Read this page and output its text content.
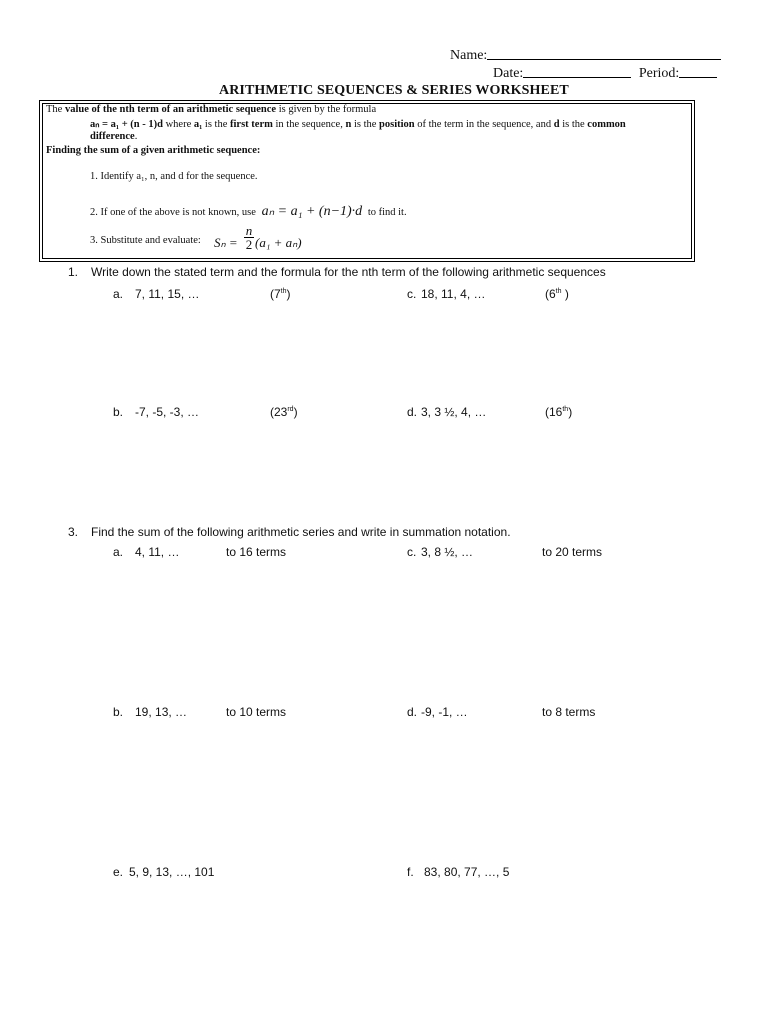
Name:
Date:	Period:
ARITHMETIC SEQUENCES & SERIES WORKSHEET
The value of the nth term of an arithmetic sequence is given by the formula
aₙ = a₁ + (n - 1)d where a₁ is the first term in the sequence, n is the position of the term in the sequence, and d is the common
difference.
Finding the sum of a given arithmetic sequence:
1. Identify a₁, n, and d for the sequence.
2. If one of the above is not known, use aₙ = a₁ + (n−1)·d to find it.
3. Substitute and evaluate: Sₙ =
n
2 (a₁ + aₙ)
1. Write down the stated term and the formula for the nth term of the following arithmetic sequences
a. 7, 11, 15, …	(7th)	c. 18, 11, 4, …	(6th )
b. -7, -5, -3, …	(23rd)	d. 3, 3 ½, 4, …	(16th)
3. Find the sum of the following arithmetic series and write in summation notation.
a. 4, 11, …	to 16 terms	c. 3, 8 ½, …	to 20 terms
b. 19, 13, …	to 10 terms	d. -9, -1, …	to 8 terms
e. 5, 9, 13, …, 101	f. 83, 80, 77, …, 5
